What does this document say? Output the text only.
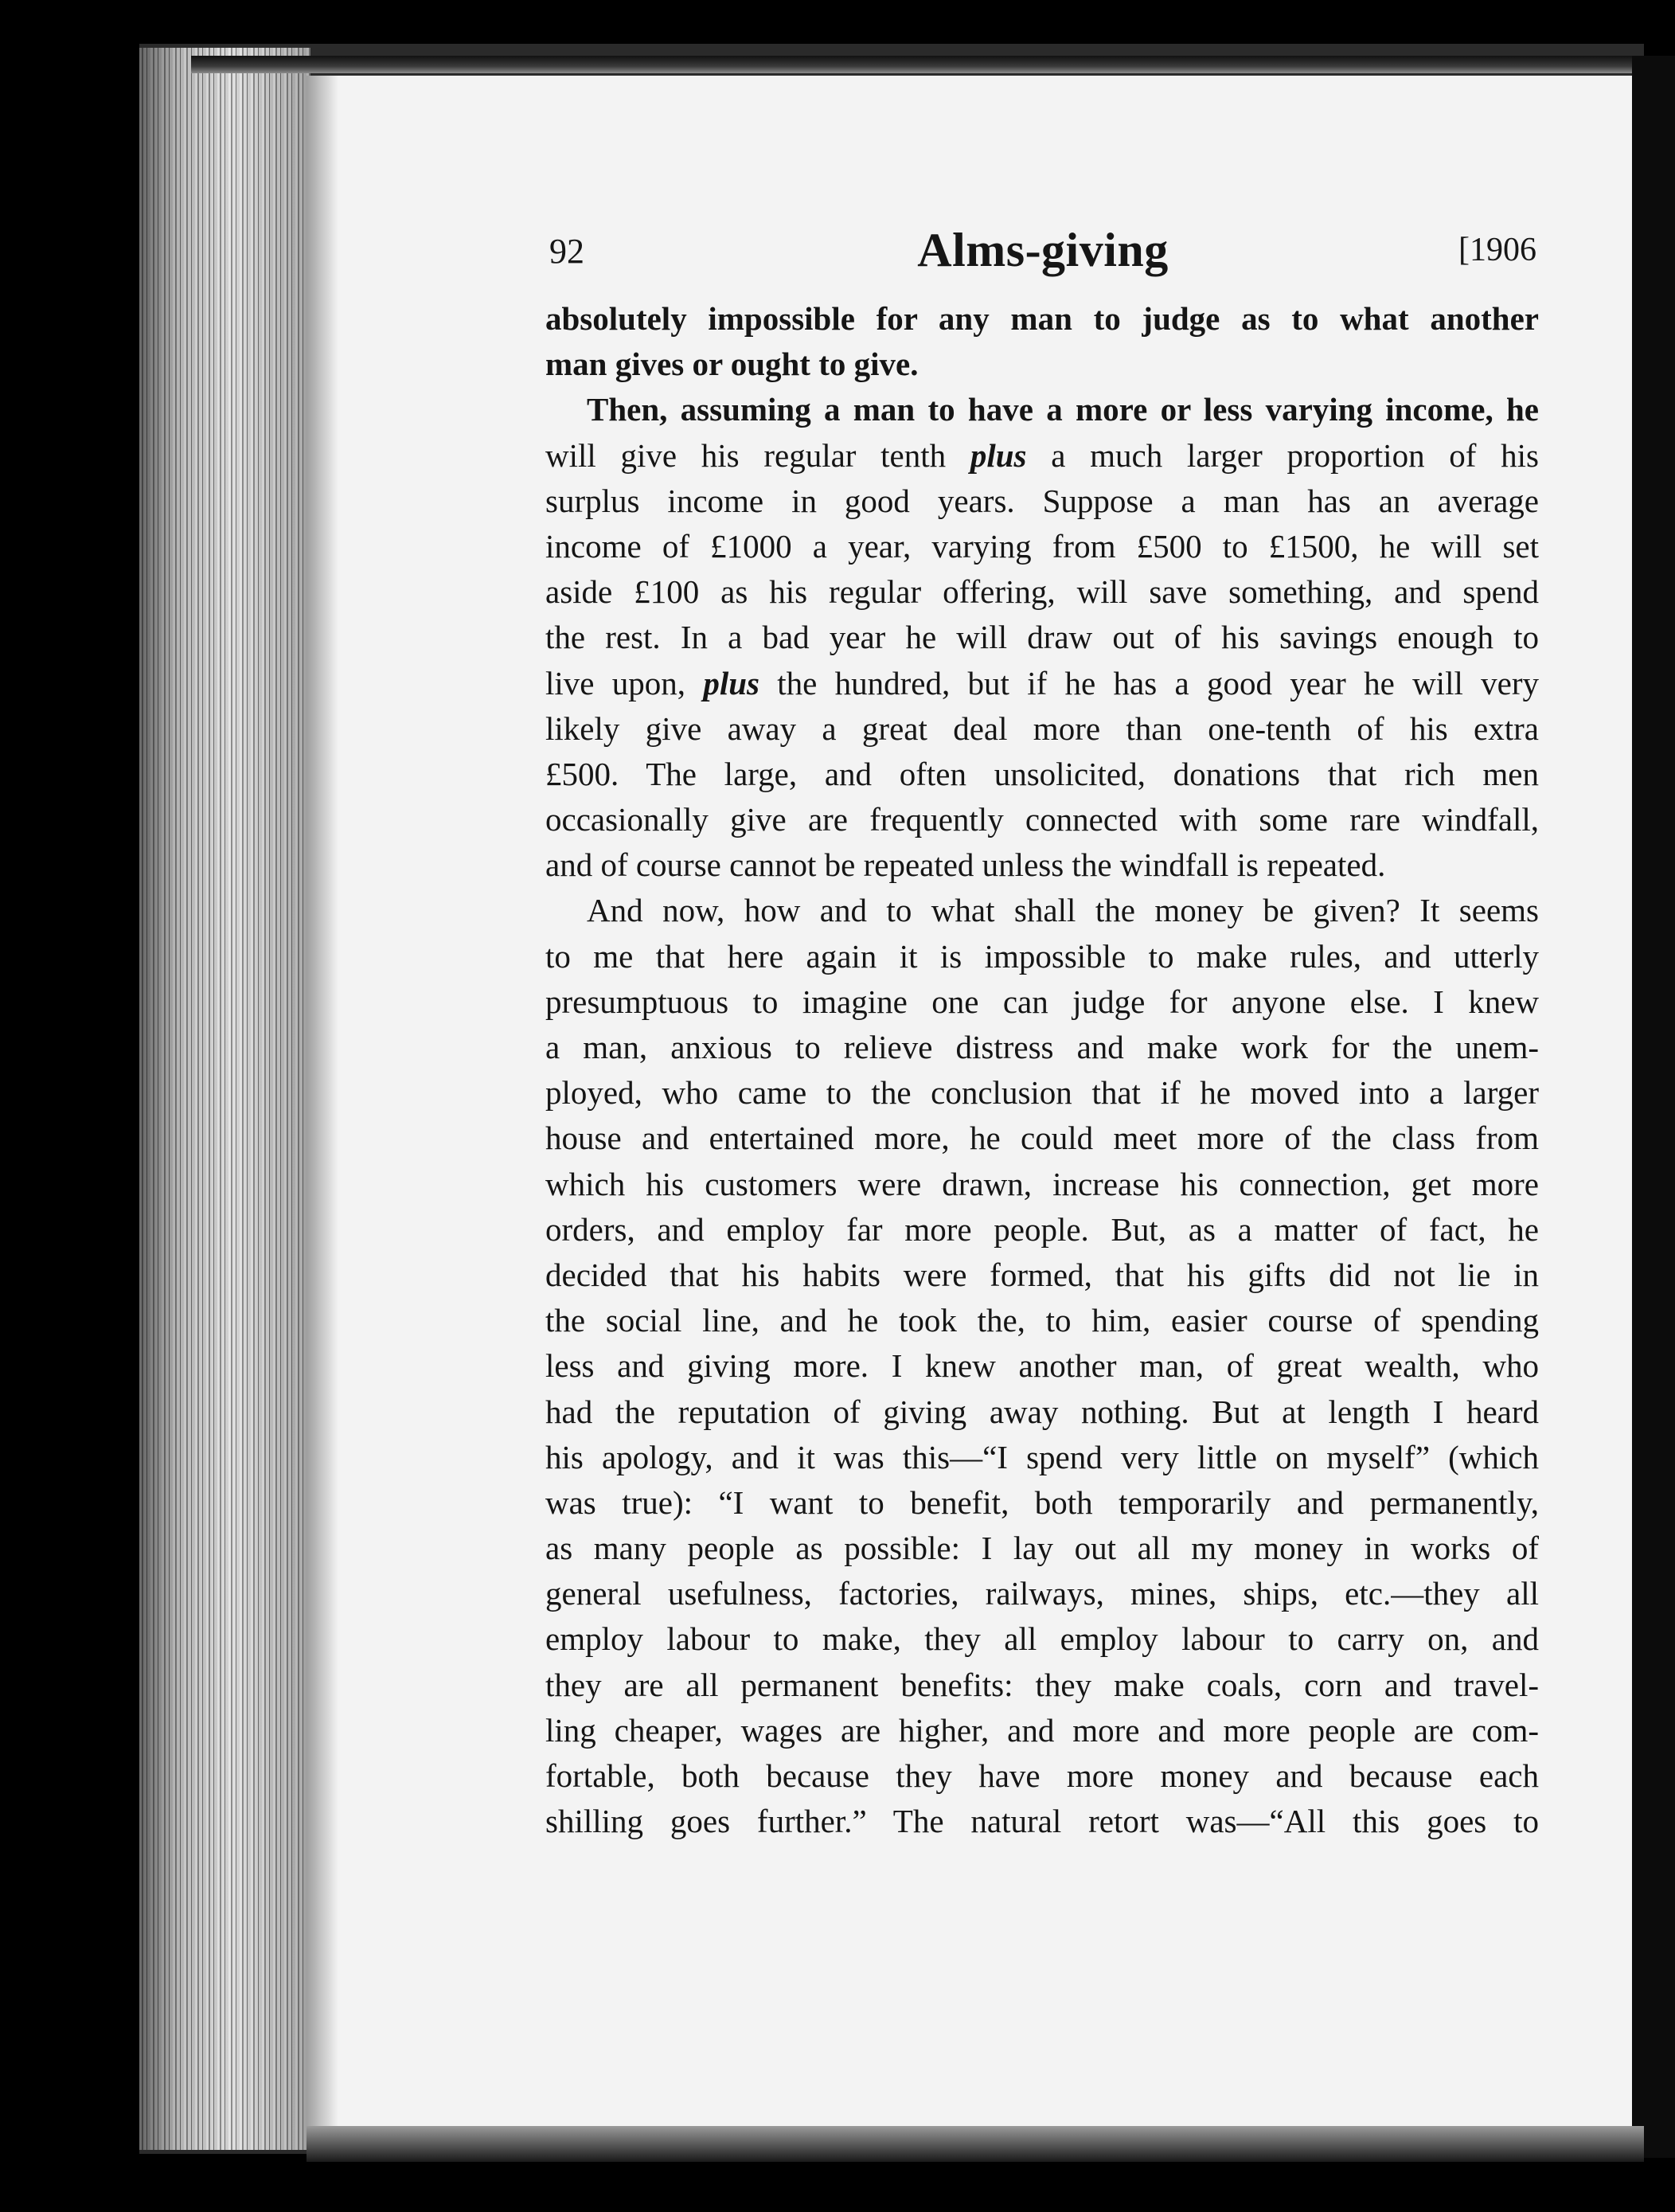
92	Alms-giving	[1906
absolutely impossible for any man to judge as to what another
man gives or ought to give.
Then, assuming a man to have a more or less varying income, he
will give his regular tenth plus a much larger proportion of his
surplus income in good years. Suppose a man has an average
income of £1000 a year, varying from £500 to £1500, he will set
aside £100 as his regular offering, will save something, and spend
the rest. In a bad year he will draw out of his savings enough to
live upon, plus the hundred, but if he has a good year he will very
likely give away a great deal more than one-tenth of his extra
£500. The large, and often unsolicited, donations that rich men
occasionally give are frequently connected with some rare windfall,
and of course cannot be repeated unless the windfall is repeated.
And now, how and to what shall the money be given? It seems
to me that here again it is impossible to make rules, and utterly
presumptuous to imagine one can judge for anyone else. I knew
a man, anxious to relieve distress and make work for the unem-
ployed, who came to the conclusion that if he moved into a larger
house and entertained more, he could meet more of the class from
which his customers were drawn, increase his connection, get more
orders, and employ far more people. But, as a matter of fact, he
decided that his habits were formed, that his gifts did not lie in
the social line, and he took the, to him, easier course of spending
less and giving more. I knew another man, of great wealth, who
had the reputation of giving away nothing. But at length I heard
his apology, and it was this—“I spend very little on myself” (which
was true): “I want to benefit, both temporarily and permanently,
as many people as possible: I lay out all my money in works of
general usefulness, factories, railways, mines, ships, etc.—they all
employ labour to make, they all employ labour to carry on, and
they are all permanent benefits: they make coals, corn and travel-
ling cheaper, wages are higher, and more and more people are com-
fortable, both because they have more money and because each
shilling goes further.” The natural retort was—“All this goes to
